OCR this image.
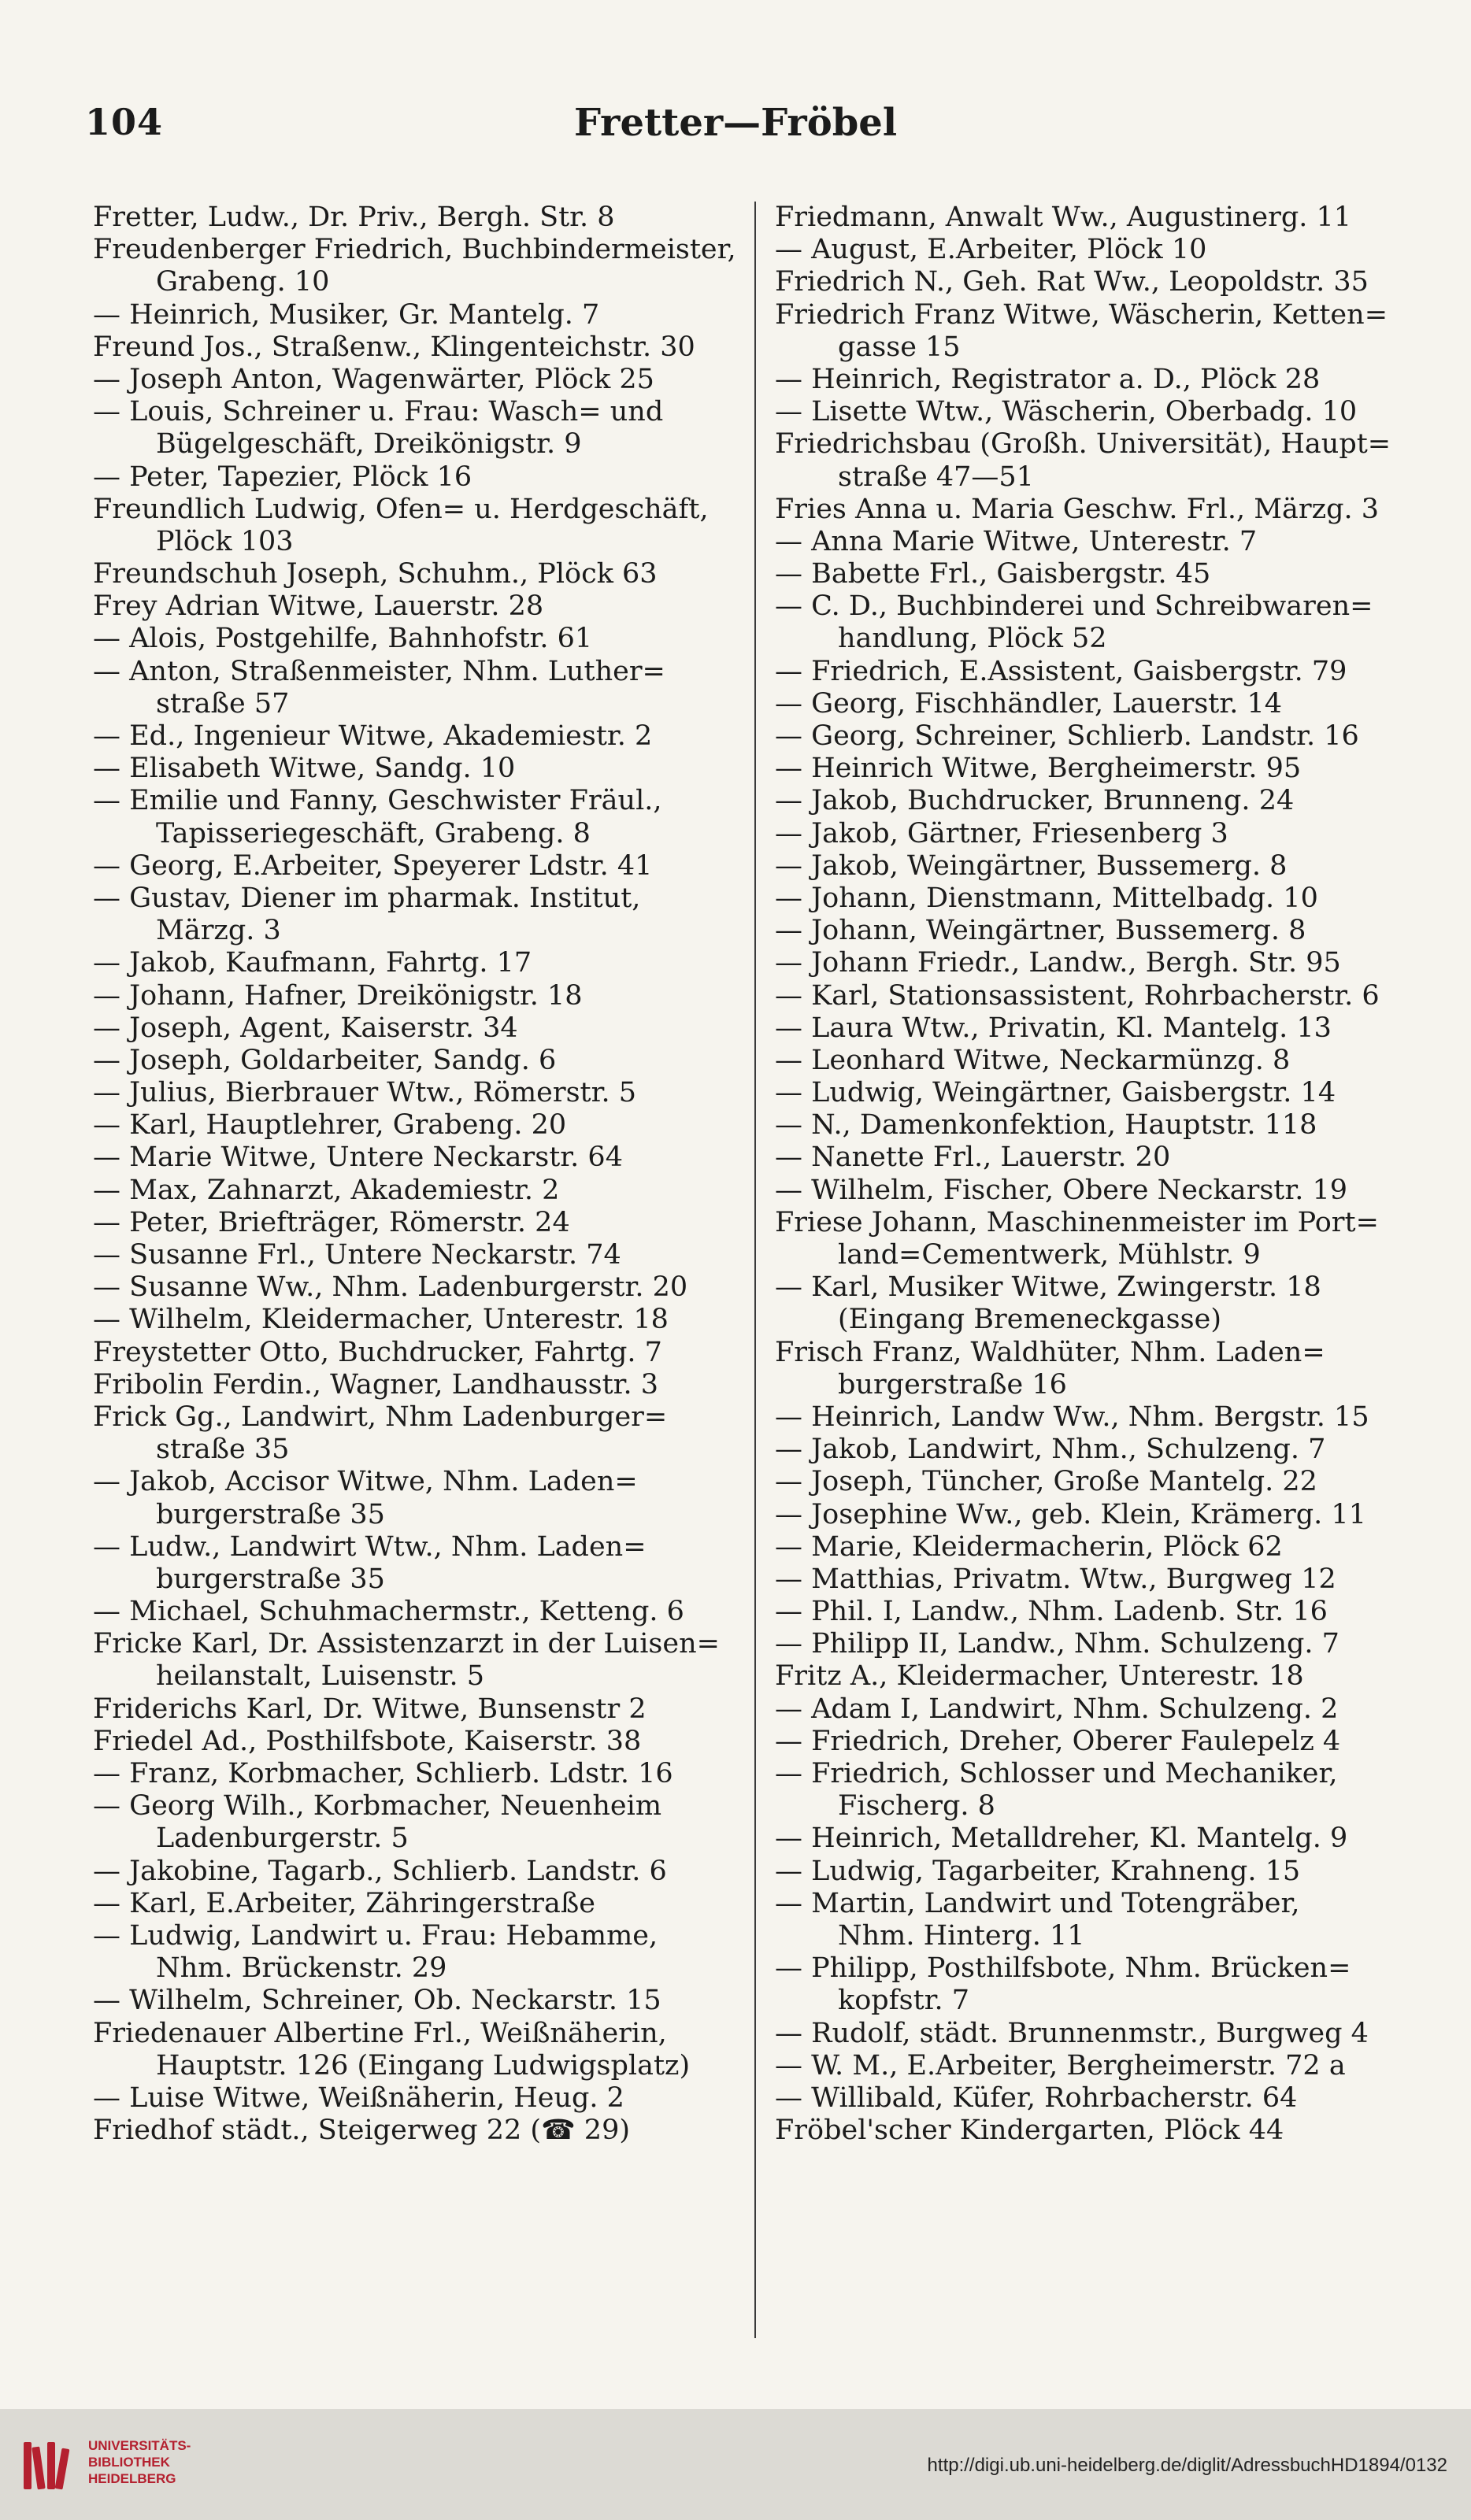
Fretter—Fröbel
104
Fretter, Ludw., Dr. Priv., Bergh. Str. 8
Freudenberger Friedrich, Buchbindermeister,
Grabeng. 10
— Heinrich, Musiker, Gr. Mantelg. 7
Freund Jos., Straßenw., Klingenteichstr. 30
— Joseph Anton, Wagenwärter, Plöck 25
— Louis, Schreiner u. Frau: Wasch= und
Bügelgeschäft, Dreikönigstr. 9
— Peter, Tapezier, Plöck 16
Freundlich Ludwig, Ofen= u. Herdgeschäft,
Plöck 103
Freundschuh Joseph, Schuhm., Plöck 63
Frey Adrian Witwe, Lauerstr. 28
— Alois, Postgehilfe, Bahnhofstr. 61
— Anton, Straßenmeister, Nhm. Luther=
straße 57
— Ed., Ingenieur Witwe, Akademiestr. 2
— Elisabeth Witwe, Sandg. 10
— Emilie und Fanny, Geschwister Fräul.,
Tapisseriegeschäft, Grabeng. 8
— Georg, E.Arbeiter, Speyerer Ldstr. 41
— Gustav, Diener im pharmak. Institut,
Märzg. 3
— Jakob, Kaufmann, Fahrtg. 17
— Johann, Hafner, Dreikönigstr. 18
— Joseph, Agent, Kaiserstr. 34
— Joseph, Goldarbeiter, Sandg. 6
— Julius, Bierbrauer Wtw., Römerstr. 5
— Karl, Hauptlehrer, Grabeng. 20
— Marie Witwe, Untere Neckarstr. 64
— Max, Zahnarzt, Akademiestr. 2
— Peter, Briefträger, Römerstr. 24
— Susanne Frl., Untere Neckarstr. 74
— Susanne Ww., Nhm. Ladenburgerstr. 20
— Wilhelm, Kleidermacher, Unterestr. 18
Freystetter Otto, Buchdrucker, Fahrtg. 7
Fribolin Ferdin., Wagner, Landhausstr. 3
Frick Gg., Landwirt, Nhm Ladenburger=
straße 35
— Jakob, Accisor Witwe, Nhm. Laden=
burgerstraße 35
— Ludw., Landwirt Wtw., Nhm. Laden=
burgerstraße 35
— Michael, Schuhmachermstr., Ketteng. 6
Fricke Karl, Dr. Assistenzarzt in der Luisen=
heilanstalt, Luisenstr. 5
Friderichs Karl, Dr. Witwe, Bunsenstr 2
Friedel Ad., Posthilfsbote, Kaiserstr. 38
— Franz, Korbmacher, Schlierb. Ldstr. 16
— Georg Wilh., Korbmacher, Neuenheim
Ladenburgerstr. 5
— Jakobine, Tagarb., Schlierb. Landstr. 6
— Karl, E.Arbeiter, Zähringerstraße
— Ludwig, Landwirt u. Frau: Hebamme,
Nhm. Brückenstr. 29
— Wilhelm, Schreiner, Ob. Neckarstr. 15
Friedenauer Albertine Frl., Weißnäherin,
Hauptstr. 126 (Eingang Ludwigsplatz)
— Luise Witwe, Weißnäherin, Heug. 2
Friedhof städt., Steigerweg 22 (☎ 29)
Friedmann, Anwalt Ww., Augustinerg. 11
— August, E.Arbeiter, Plöck 10
Friedrich N., Geh. Rat Ww., Leopoldstr. 35
Friedrich Franz Witwe, Wäscherin, Ketten=
gasse 15
— Heinrich, Registrator a. D., Plöck 28
— Lisette Wtw., Wäscherin, Oberbadg. 10
Friedrichsbau (Großh. Universität), Haupt=
straße 47—51
Fries Anna u. Maria Geschw. Frl., Märzg. 3
— Anna Marie Witwe, Unterestr. 7
— Babette Frl., Gaisbergstr. 45
— C. D., Buchbinderei und Schreibwaren=
handlung, Plöck 52
— Friedrich, E.Assistent, Gaisbergstr. 79
— Georg, Fischhändler, Lauerstr. 14
— Georg, Schreiner, Schlierb. Landstr. 16
— Heinrich Witwe, Bergheimerstr. 95
— Jakob, Buchdrucker, Brunneng. 24
— Jakob, Gärtner, Friesenberg 3
— Jakob, Weingärtner, Bussemerg. 8
— Johann, Dienstmann, Mittelbadg. 10
— Johann, Weingärtner, Bussemerg. 8
— Johann Friedr., Landw., Bergh. Str. 95
— Karl, Stationsassistent, Rohrbacherstr. 6
— Laura Wtw., Privatin, Kl. Mantelg. 13
— Leonhard Witwe, Neckarmünzg. 8
— Ludwig, Weingärtner, Gaisbergstr. 14
— N., Damenkonfektion, Hauptstr. 118
— Nanette Frl., Lauerstr. 20
— Wilhelm, Fischer, Obere Neckarstr. 19
Friese Johann, Maschinenmeister im Port=
land=Cementwerk, Mühlstr. 9
— Karl, Musiker Witwe, Zwingerstr. 18
(Eingang Bremeneckgasse)
Frisch Franz, Waldhüter, Nhm. Laden=
burgerstraße 16
— Heinrich, Landw Ww., Nhm. Bergstr. 15
— Jakob, Landwirt, Nhm., Schulzeng. 7
— Joseph, Tüncher, Große Mantelg. 22
— Josephine Ww., geb. Klein, Krämerg. 11
— Marie, Kleidermacherin, Plöck 62
— Matthias, Privatm. Wtw., Burgweg 12
— Phil. I, Landw., Nhm. Ladenb. Str. 16
— Philipp II, Landw., Nhm. Schulzeng. 7
Fritz A., Kleidermacher, Unterestr. 18
— Adam I, Landwirt, Nhm. Schulzeng. 2
— Friedrich, Dreher, Oberer Faulepelz 4
— Friedrich, Schlosser und Mechaniker,
Fischerg. 8
— Heinrich, Metalldreher, Kl. Mantelg. 9
— Ludwig, Tagarbeiter, Krahneng. 15
— Martin, Landwirt und Totengräber,
Nhm. Hinterg. 11
— Philipp, Posthilfsbote, Nhm. Brücken=
kopfstr. 7
— Rudolf, städt. Brunnenmstr., Burgweg 4
— W. M., E.Arbeiter, Bergheimerstr. 72 a
— Willibald, Küfer, Rohrbacherstr. 64
Fröbel'scher Kindergarten, Plöck 44
UNIVERSITÄTS-
BIBLIOTHEK
HEIDELBERG
http://digi.ub.uni-heidelberg.de/diglit/AdressbuchHD1894/0132
